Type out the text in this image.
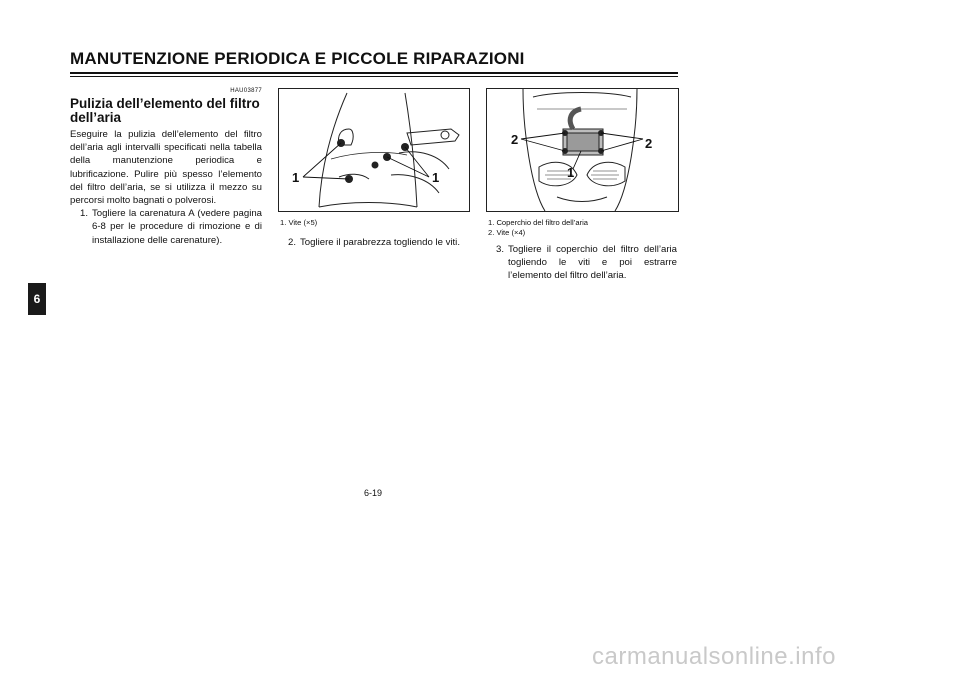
MANUTENZIONE PERIODICA E PICCOLE RIPARAZIONI
6

HAU03877

Pulizia dell’elemento del filtro
dell’aria

Eseguire la pulizia dell’elemento del filtro dell’aria agli intervalli specificati nella tabella della manutenzione periodica e lubrificazione. Pulire più spesso l’elemento del filtro dell’aria, se si utilizza il mezzo su percorsi molto bagnati o polverosi.

1. Togliere la carenatura A (vedere pagina 6-8 per le procedure di rimozione e di installazione delle carenature).
1	1
1. Vite (×5)
2. Togliere il parabrezza togliendo le viti.
2	2
1
1. Coperchio del filtro dell’aria
2. Vite (×4)
3. Togliere il coperchio del filtro dell’aria togliendo le viti e poi estrarre l’elemento del filtro dell’aria.
6-19
carmanualsonline.info
